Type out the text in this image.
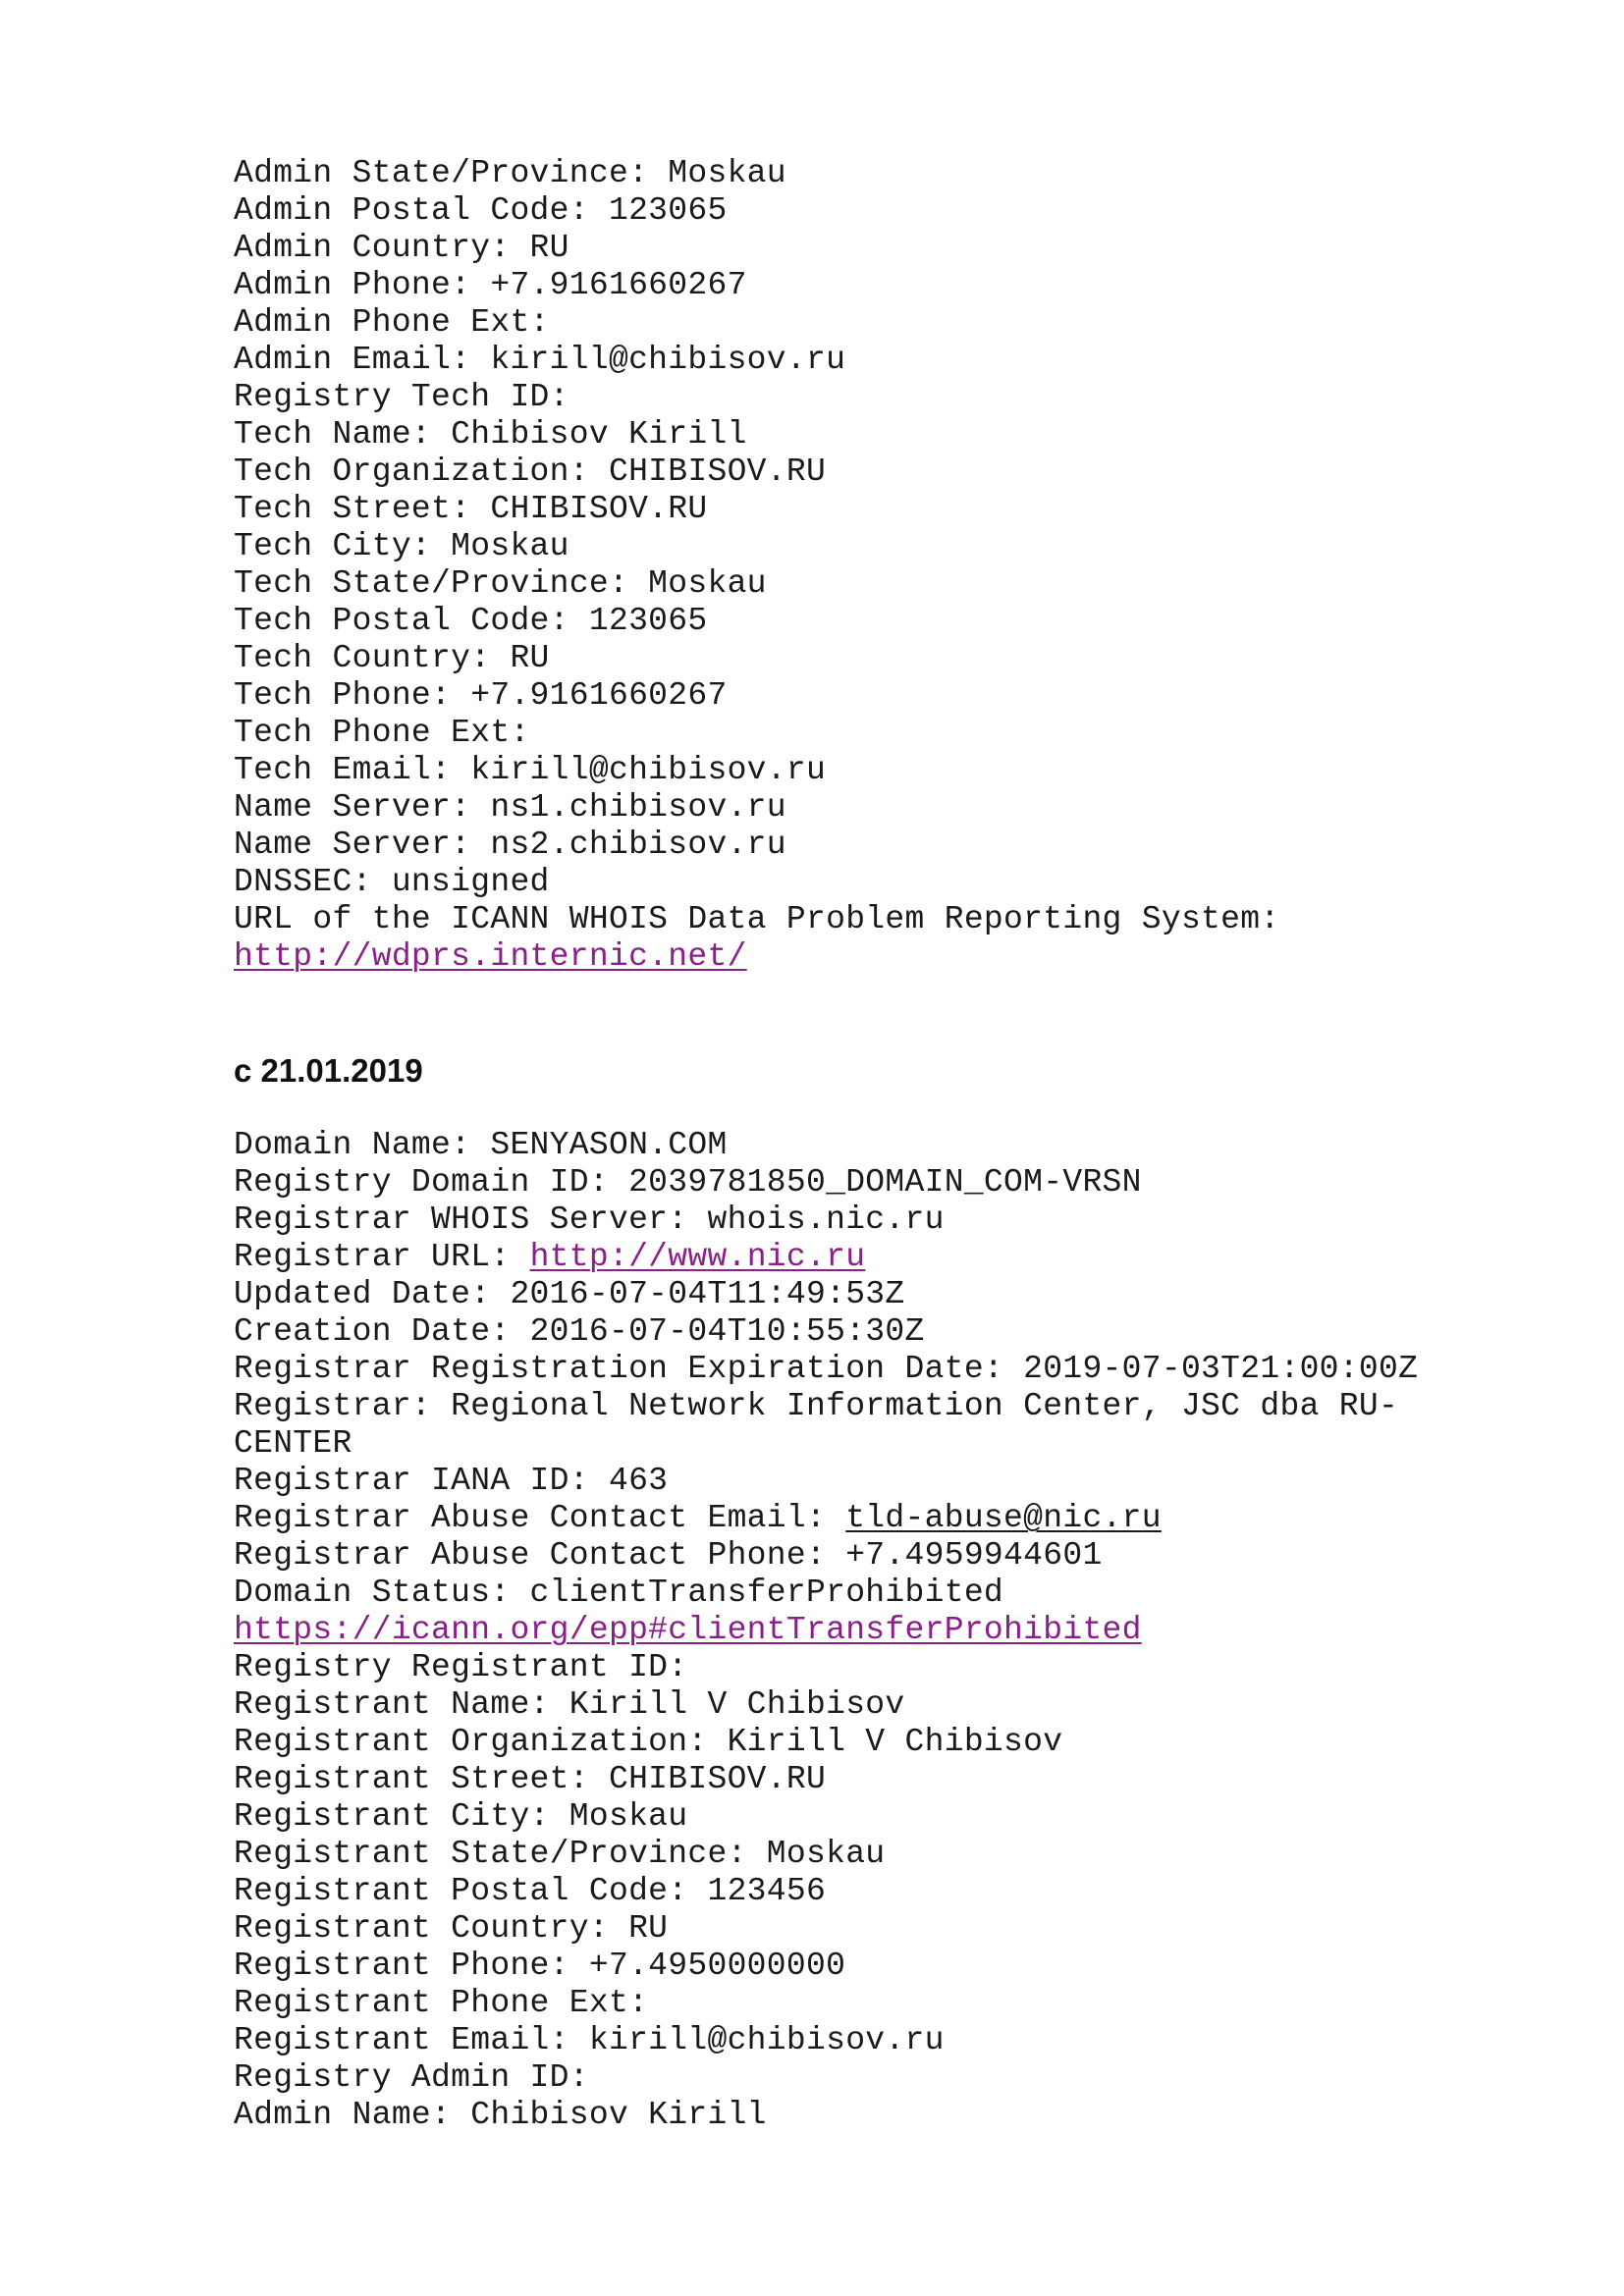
Admin State/Province: Moskau
Admin Postal Code: 123065
Admin Country: RU
Admin Phone: +7.9161660267
Admin Phone Ext:
Admin Email: kirill@chibisov.ru
Registry Tech ID:
Tech Name: Chibisov Kirill
Tech Organization: CHIBISOV.RU
Tech Street: CHIBISOV.RU
Tech City: Moskau
Tech State/Province: Moskau
Tech Postal Code: 123065
Tech Country: RU
Tech Phone: +7.9161660267
Tech Phone Ext:
Tech Email: kirill@chibisov.ru
Name Server: ns1.chibisov.ru
Name Server: ns2.chibisov.ru
DNSSEC: unsigned
URL of the ICANN WHOIS Data Problem Reporting System:
http://wdprs.internic.net/
с 21.01.2019
Domain Name: SENYASON.COM
Registry Domain ID: 2039781850_DOMAIN_COM-VRSN
Registrar WHOIS Server: whois.nic.ru
Registrar URL: http://www.nic.ru
Updated Date: 2016-07-04T11:49:53Z
Creation Date: 2016-07-04T10:55:30Z
Registrar Registration Expiration Date: 2019-07-03T21:00:00Z
Registrar: Regional Network Information Center, JSC dba RU-
CENTER
Registrar IANA ID: 463
Registrar Abuse Contact Email: tld-abuse@nic.ru
Registrar Abuse Contact Phone: +7.4959944601
Domain Status: clientTransferProhibited
https://icann.org/epp#clientTransferProhibited
Registry Registrant ID:
Registrant Name: Kirill V Chibisov
Registrant Organization: Kirill V Chibisov
Registrant Street: CHIBISOV.RU
Registrant City: Moskau
Registrant State/Province: Moskau
Registrant Postal Code: 123456
Registrant Country: RU
Registrant Phone: +7.4950000000
Registrant Phone Ext:
Registrant Email: kirill@chibisov.ru
Registry Admin ID:
Admin Name: Chibisov Kirill
